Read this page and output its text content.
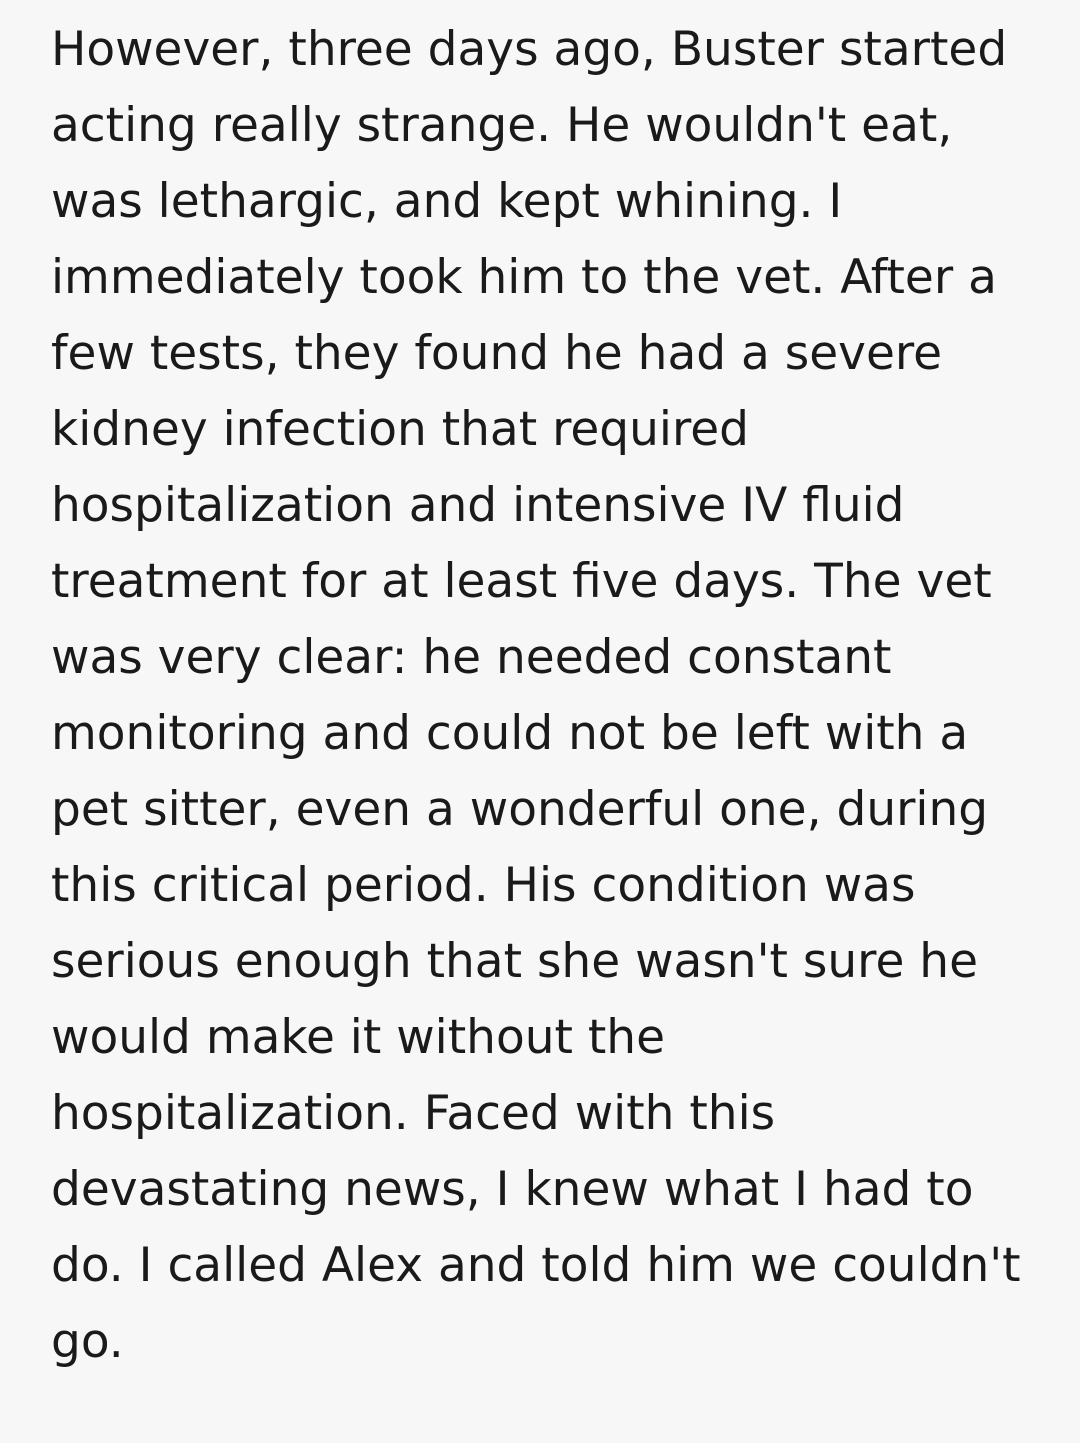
However, three days ago, Buster started
acting really strange. He wouldn't eat,
was lethargic, and kept whining. I
immediately took him to the vet. After a
few tests, they found he had a severe
kidney infection that required
hospitalization and intensive IV fluid
treatment for at least five days. The vet
was very clear: he needed constant
monitoring and could not be left with a
pet sitter, even a wonderful one, during
this critical period. His condition was
serious enough that she wasn't sure he
would make it without the
hospitalization. Faced with this
devastating news, I knew what I had to
do. I called Alex and told him we couldn't
go.
